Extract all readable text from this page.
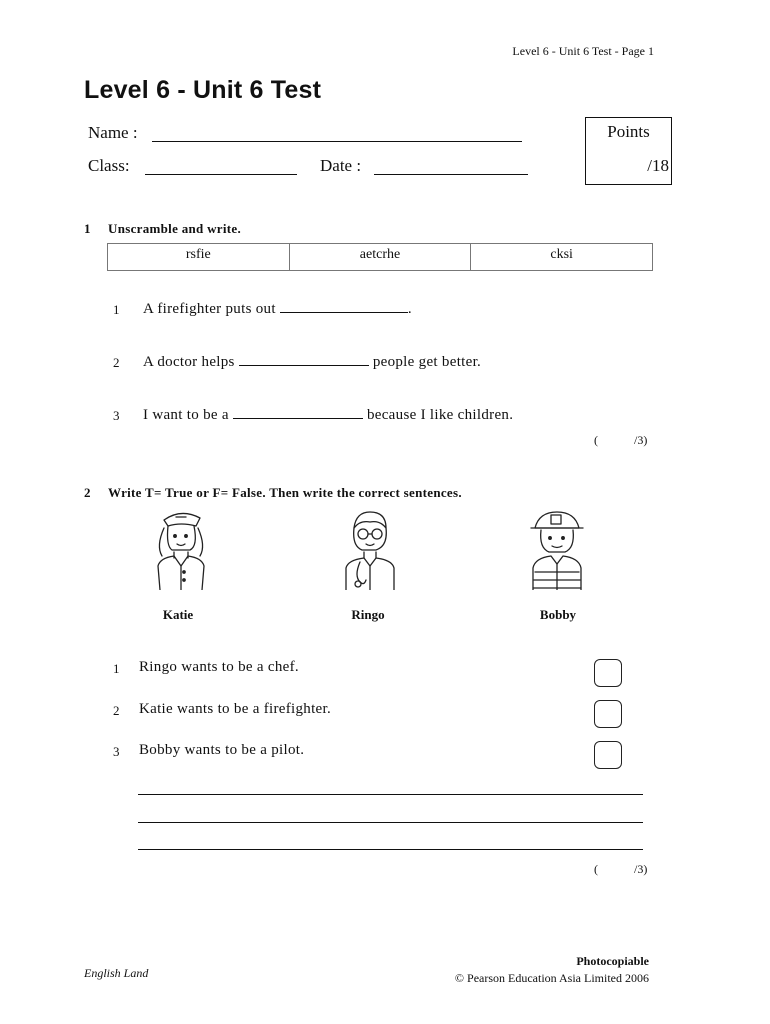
Level 6 - Unit 6 Test - Page 1
Level 6 - Unit 6 Test
Name :
Class:	Date :
Points
/18
1 Unscramble and write.
rsfie	aetcrhe	cksi
1 A firefighter puts out	.
2 A doctor helps	people get better.
3 I want to be a	because I like children.
(	/3)
2 Write T= True or F= False. Then write the correct sentences.
Katie	Ringo	Bobby
1 Ringo wants to be a chef.
2 Katie wants to be a firefighter.
3 Bobby wants to be a pilot.
(	/3)
English Land
Photocopiable
© Pearson Education Asia Limited 2006
